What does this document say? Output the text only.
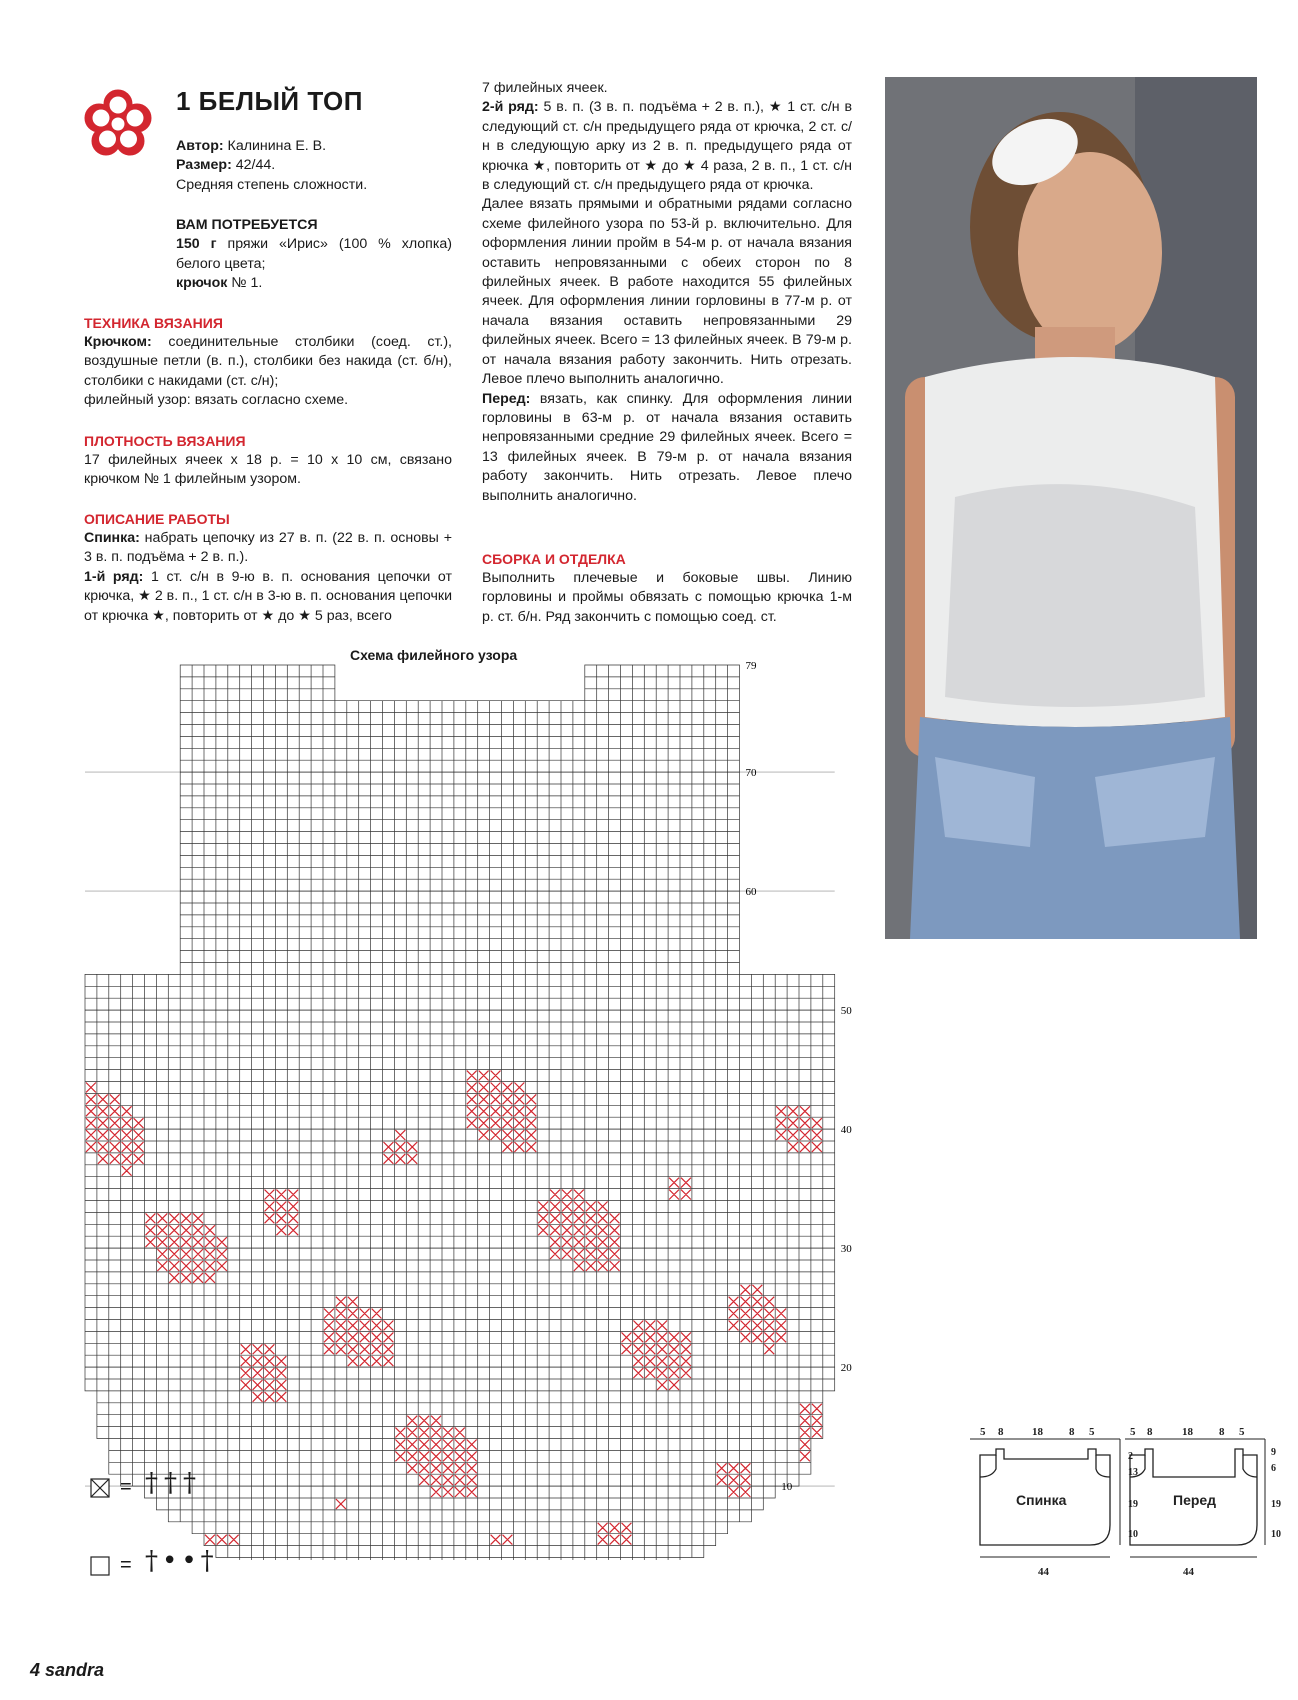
1 БЕЛЫЙ ТОП

Автор: Калинина Е. В.

Размер: 42/44.

Средняя степень сложности.

ВАМ ПОТРЕБУЕТСЯ

150 г пряжи «Ирис» (100 % хлопка) белого цвета;

крючок № 1.

ТЕХНИКА ВЯЗАНИЯ

Крючком: соединительные столбики (соед. ст.), воздушные петли (в. п.), столбики без накида (ст. б/н), столбики с накидами (ст. с/н);

филейный узор: вязать согласно схеме.

ПЛОТНОСТЬ ВЯЗАНИЯ

17 филейных ячеек х 18 р. = 10 х 10 см, связано крючком № 1 филейным узором.

ОПИСАНИЕ РАБОТЫ

Спинка: набрать цепочку из 27 в. п. (22 в. п. основы + 3 в. п. подъёма + 2 в. п.).

1-й ряд: 1 ст. с/н в 9-ю в. п. основания цепочки от крючка, ★ 2 в. п., 1 ст. с/н в 3-ю в. п. основания цепочки от крючка ★, повторить от ★ до ★ 5 раз, всего

7 филейных ячеек.

2-й ряд: 5 в. п. (3 в. п. подъёма + 2 в. п.), ★ 1 ст. с/н в следующий ст. с/н предыдущего ряда от крючка, 2 ст. с/н в следующую арку из 2 в. п. предыдущего ряда от крючка ★, повторить от ★ до ★ 4 раза, 2 в. п., 1 ст. с/н в следующий ст. с/н предыдущего ряда от крючка.

Далее вязать прямыми и обратными рядами согласно схеме филейного узора по 53-й р. включительно. Для оформления линии пройм в 54-м р. от начала вязания оставить непровязанными с обеих сторон по 8 филейных ячеек. В работе находится 55 филейных ячеек. Для оформления линии горловины в 77-м р. от начала вязания оставить непровязанными 29 филейных ячеек. Всего = 13 филейных ячеек. В 79-м р. от начала вязания работу закончить. Нить отрезать. Левое плечо выполнить аналогично.

Перед: вязать, как спинку. Для оформления линии горловины в 63-м р. от начала вязания оставить непровязанными средние 29 филейных ячеек. Всего = 13 филейных ячеек. В 79-м р. от начала вязания работу закончить. Нить отрезать. Левое плечо выполнить аналогично.

СБОРКА И ОТДЕЛКА

Выполнить плечевые и боковые швы. Линию горловины и проймы обвязать с помощью крючка 1-м р. ст. б/н. Ряд закончить с помощью соед. ст.

Схема филейного узора
79
70
60
50
40
30
20
10
= †††
= †••†
5 8	18 8 5
Спинка
2
13
19
10
44
5 8	18 8 5
Перед
9
6
19
10
44
4 sandra
